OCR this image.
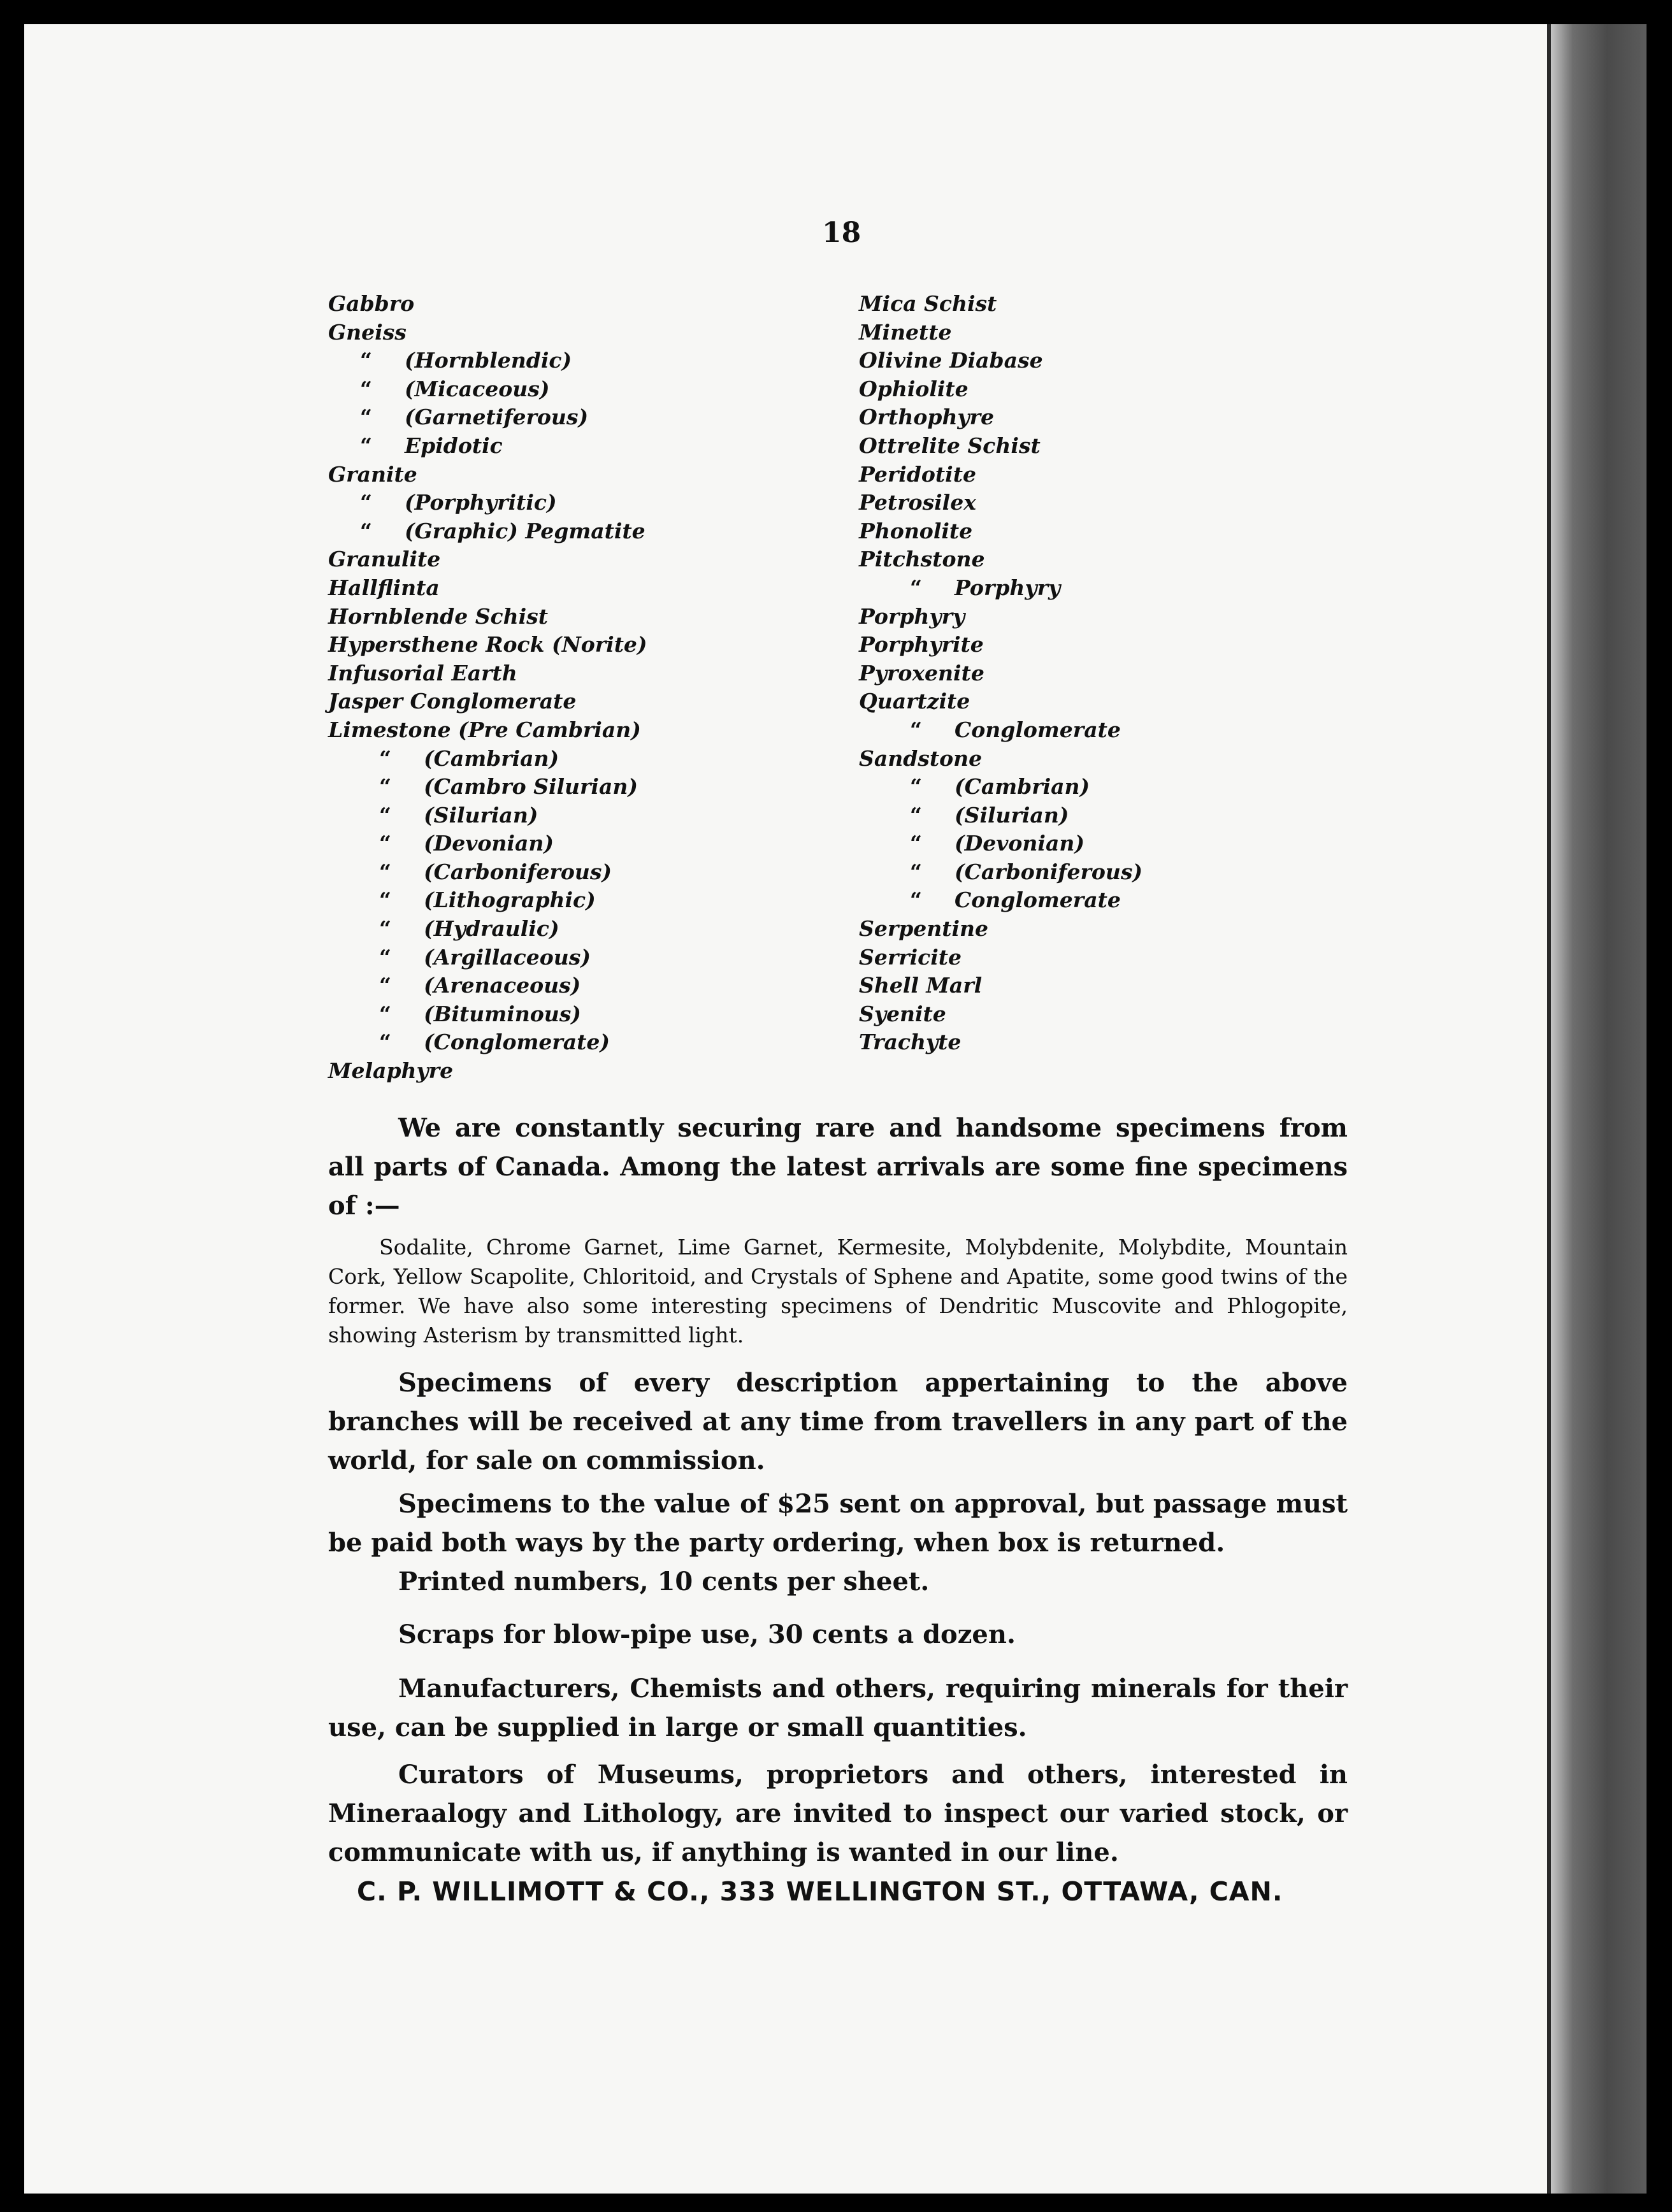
18
Gabbro
Gneiss
“ (Hornblendic)
“ (Micaceous)
“ (Garnetiferous)
“ Epidotic
Granite
“ (Porphyritic)
“ (Graphic) Pegmatite
Granulite
Hallflinta
Hornblende Schist
Hypersthene Rock (Norite)
Infusorial Earth
Jasper Conglomerate
Limestone (Pre Cambrian)
“ (Cambrian)
“ (Cambro Silurian)
“ (Silurian)
“ (Devonian)
“ (Carboniferous)
“ (Lithographic)
“ (Hydraulic)
“ (Argillaceous)
“ (Arenaceous)
“ (Bituminous)
“ (Conglomerate)
Melaphyre
Mica Schist
Minette
Olivine Diabase
Ophiolite
Orthophyre
Ottrelite Schist
Peridotite
Petrosilex
Phonolite
Pitchstone
“ Porphyry
Porphyry
Porphyrite
Pyroxenite
Quartzite
“ Conglomerate
Sandstone
“ (Cambrian)
“ (Silurian)
“ (Devonian)
“ (Carboniferous)
“ Conglomerate
Serpentine
Serricite
Shell Marl
Syenite
Trachyte

We are constantly securing rare and handsome specimens from all parts of Canada. Among the latest arrivals are some fine specimens of :—

Sodalite, Chrome Garnet, Lime Garnet, Kermesite, Molybdenite, Molybdite, Mountain Cork, Yellow Scapolite, Chloritoid, and Crystals of Sphene and Apatite, some good twins of the former. We have also some interesting specimens of Dendritic Muscovite and Phlogopite, showing Asterism by transmitted light.

Specimens of every description appertaining to the above branches will be received at any time from travellers in any part of the world, for sale on commission.

Specimens to the value of $25 sent on approval, but passage must be paid both ways by the party ordering, when box is returned.

Printed numbers, 10 cents per sheet.

Scraps for blow-pipe use, 30 cents a dozen.

Manufacturers, Chemists and others, requiring minerals for their use, can be supplied in large or small quantities.

Curators of Museums, proprietors and others, interested in Mineraalogy and Lithology, are invited to inspect our varied stock, or communicate with us, if anything is wanted in our line.

C. P. WILLIMOTT & CO., 333 WELLINGTON ST., OTTAWA, CAN.
